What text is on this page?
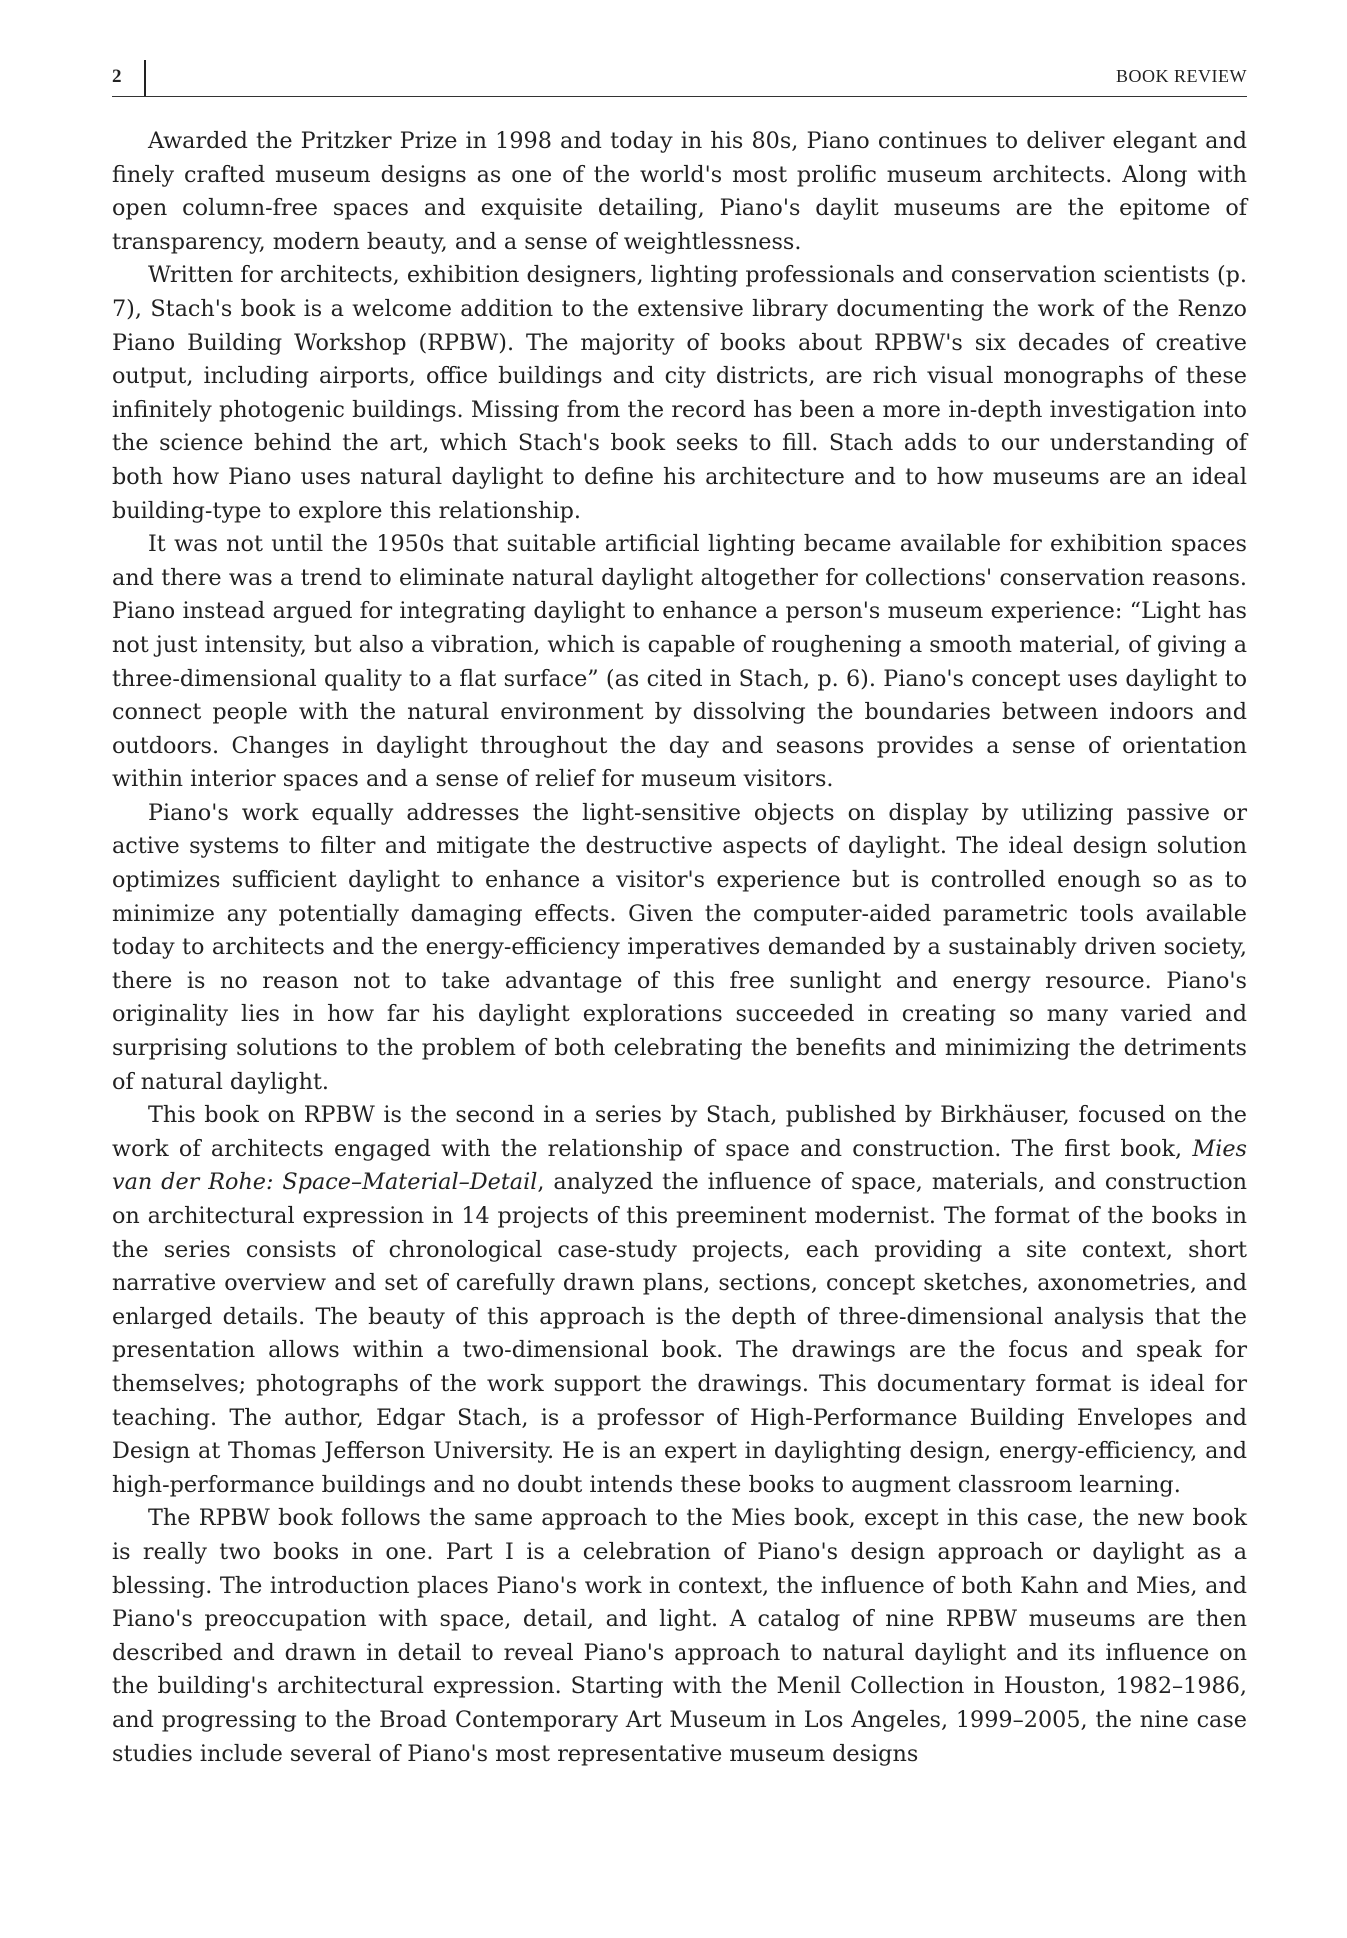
2	BOOK REVIEW

Awarded the Pritzker Prize in 1998 and today in his 80s, Piano continues to deliver elegant and finely crafted museum designs as one of the world's most prolific museum architects. Along with open column-free spaces and exquisite detailing, Piano's daylit museums are the epitome of transparency, modern beauty, and a sense of weightlessness.

Written for architects, exhibition designers, lighting professionals and conservation scientists (p. 7), Stach's book is a welcome addition to the extensive library documenting the work of the Renzo Piano Building Workshop (RPBW). The majority of books about RPBW's six decades of creative output, including airports, office buildings and city districts, are rich visual monographs of these infinitely photogenic buildings. Missing from the record has been a more in-depth investigation into the science behind the art, which Stach's book seeks to fill. Stach adds to our understanding of both how Piano uses natural daylight to define his architecture and to how museums are an ideal building-type to explore this relationship.

It was not until the 1950s that suitable artificial lighting became available for exhibition spaces and there was a trend to eliminate natural daylight altogether for collections' conservation reasons. Piano instead argued for integrating daylight to enhance a person's museum experience: “Light has not just intensity, but also a vibration, which is capable of roughening a smooth material, of giving a three-dimensional quality to a flat surface” (as cited in Stach, p. 6). Piano's concept uses daylight to connect people with the natural environment by dissolving the boundaries between indoors and outdoors. Changes in daylight throughout the day and seasons provides a sense of orientation within interior spaces and a sense of relief for museum visitors.

Piano's work equally addresses the light-sensitive objects on display by utilizing passive or active systems to filter and mitigate the destructive aspects of daylight. The ideal design solution optimizes sufficient daylight to enhance a visitor's experience but is controlled enough so as to minimize any potentially damaging effects. Given the computer-aided parametric tools available today to architects and the energy-efficiency imperatives demanded by a sustainably driven society, there is no reason not to take advantage of this free sunlight and energy resource. Piano's originality lies in how far his daylight explorations succeeded in creating so many varied and surprising solutions to the problem of both celebrating the benefits and minimizing the detriments of natural daylight.

This book on RPBW is the second in a series by Stach, published by Birkhäuser, focused on the work of architects engaged with the relationship of space and construction. The first book, Mies van der Rohe: Space–Material–Detail, analyzed the influence of space, materials, and construction on architectural expression in 14 projects of this preeminent modernist. The format of the books in the series consists of chronological case-study projects, each providing a site context, short narrative overview and set of carefully drawn plans, sections, concept sketches, axonometries, and enlarged details. The beauty of this approach is the depth of three-dimensional analysis that the presentation allows within a two-dimensional book. The drawings are the focus and speak for themselves; photographs of the work support the drawings. This documentary format is ideal for teaching. The author, Edgar Stach, is a professor of High-Performance Building Envelopes and Design at Thomas Jefferson University. He is an expert in daylighting design, energy-efficiency, and high-performance buildings and no doubt intends these books to augment classroom learning.

The RPBW book follows the same approach to the Mies book, except in this case, the new book is really two books in one. Part I is a celebration of Piano's design approach or daylight as a blessing. The introduction places Piano's work in context, the influence of both Kahn and Mies, and Piano's preoccupation with space, detail, and light. A catalog of nine RPBW museums are then described and drawn in detail to reveal Piano's approach to natural daylight and its influence on the building's architectural expression. Starting with the Menil Collection in Houston, 1982–1986, and progressing to the Broad Contemporary Art Museum in Los Angeles, 1999–2005, the nine case studies include several of Piano's most representative museum designs
